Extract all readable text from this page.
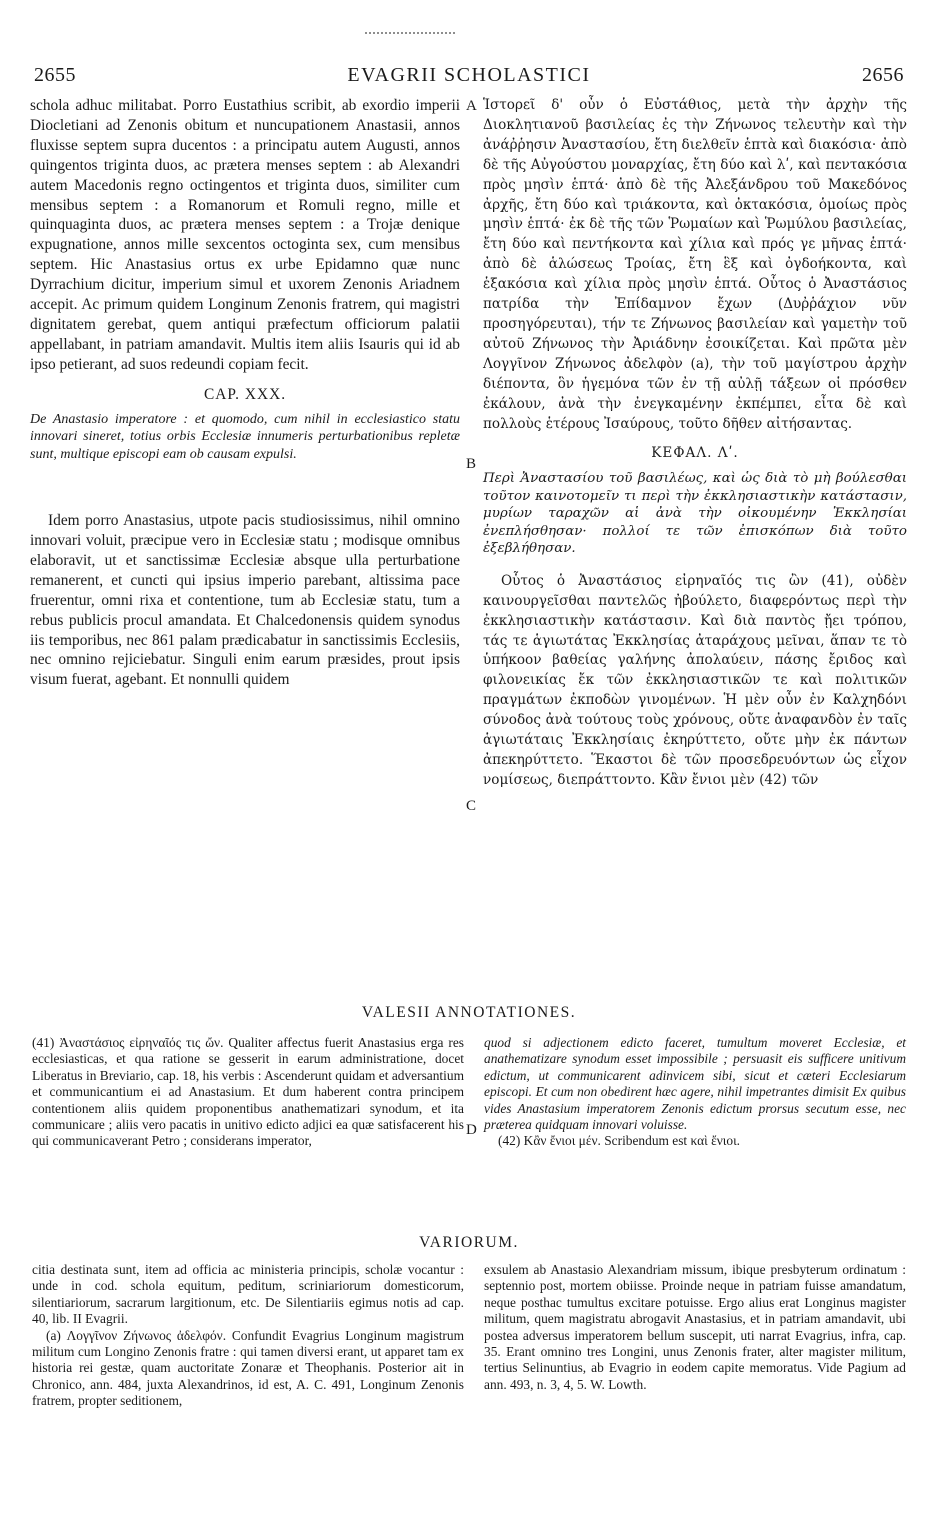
2655	EVAGRII SCHOLASTICI	2656

schola adhuc militabat. Porro Eustathius scribit, ab exordio imperii Diocletiani ad Zenonis obitum et nuncupationem Anastasii, annos fluxisse septem supra ducentos : a principatu autem Augusti, annos quingentos triginta duos, ac prætera menses septem : ab Alexandri autem Macedonis regno octingentos et triginta duos, similiter cum mensibus septem : a Romanorum et Romuli regno, mille et quinquaginta duos, ac prætera menses septem : a Trojæ denique expugnatione, annos mille sexcentos octoginta sex, cum mensibus septem. Hic Anastasius ortus ex urbe Epidamno quæ nunc Dyrrachium dicitur, imperium simul et uxorem Zenonis Ariadnem accepit. Ac primum quidem Longinum Zenonis fratrem, qui magistri dignitatem gerebat, quem antiqui præfectum officiorum palatii appellabant, in patriam amandavit. Multis item aliis Isauris qui id ab ipso petierant, ad suos redeundi copiam fecit.

CAP. XXX.

De Anastasio imperatore : et quomodo, cum nihil in ecclesiastico statu innovari sineret, totius orbis Ecclesiæ innumeris perturbationibus repletæ sunt, multique episcopi eam ob causam expulsi.

Idem porro Anastasius, utpote pacis studiosissimus, nihil omnino innovari voluit, præcipue vero in Ecclesiæ statu ; modisque omnibus elaboravit, ut et sanctissimæ Ecclesiæ absque ulla perturbatione remanerent, et cuncti qui ipsius imperio parebant, altissima pace fruerentur, omni rixa et contentione, tum ab Ecclesiæ statu, tum a rebus publicis procul amandata. Et Chalcedonensis quidem synodus iis temporibus, nec 861 palam prædicabatur in sanctissimis Ecclesiis, nec omnino rejiciebatur. Singuli enim earum præsides, prout ipsis visum fuerat, agebant. Et nonnulli quidem

A
B
C
D

Ἱστορεῖ δ' οὖν ὁ Εὐστάθιος, μετὰ τὴν ἀρχὴν τῆς Διοκλητιανοῦ βασιλείας ἐς τὴν Ζήνωνος τελευτὴν καὶ τὴν ἀνάῤῥησιν Ἀναστασίου, ἔτη διελθεῖν ἑπτὰ καὶ διακόσια· ἀπὸ δὲ τῆς Αὐγούστου μοναρχίας, ἔτη δύο καὶ λʹ, καὶ πεντακόσια πρὸς μησὶν ἑπτά· ἀπὸ δὲ τῆς Ἀλεξάνδρου τοῦ Μακεδόνος ἀρχῆς, ἔτη δύο καὶ τριάκοντα, καὶ ὀκτακόσια, ὁμοίως πρὸς μησὶν ἑπτά· ἐκ δὲ τῆς τῶν Ῥωμαίων καὶ Ῥωμύλου βασιλείας, ἔτη δύο καὶ πεντήκοντα καὶ χίλια καὶ πρός γε μῆνας ἑπτά· ἀπὸ δὲ ἁλώσεως Τροίας, ἔτη ἓξ καὶ ὀγδοήκοντα, καὶ ἑξακόσια καὶ χίλια πρὸς μησὶν ἑπτά. Οὗτος ὁ Ἀναστάσιος πατρίδα τὴν Ἐπίδαμνον ἔχων (Δυῤῥάχιον νῦν προσηγόρευται), τήν τε Ζήνωνος βασιλείαν καὶ γαμετὴν τοῦ αὐτοῦ Ζήνωνος τὴν Ἀριάδνην ἐσοικίζεται. Καὶ πρῶτα μὲν Λογγῖνον Ζήνωνος ἀδελφὸν (a), τὴν τοῦ μαγίστρου ἀρχὴν διέποντα, ὃν ἡγεμόνα τῶν ἐν τῇ αὐλῇ τάξεων οἱ πρόσθεν ἐκάλουν, ἀνὰ τὴν ἐνεγκαμένην ἐκπέμπει, εἶτα δὲ καὶ πολλοὺς ἑτέρους Ἰσαύρους, τοῦτο δῆθεν αἰτήσαντας.

ΚΕΦΑΛ. Λʹ.

Περὶ Ἀναστασίου τοῦ βασιλέως, καὶ ὡς διὰ τὸ μὴ βούλεσθαι τοῦτον καινοτομεῖν τι περὶ τὴν ἐκκλησιαστικὴν κατάστασιν, μυρίων ταραχῶν αἱ ἀνὰ τὴν οἰκουμένην Ἐκκλησίαι ἐνεπλήσθησαν· πολλοί τε τῶν ἐπισκόπων διὰ τοῦτο ἐξεβλήθησαν.

Οὗτος ὁ Ἀναστάσιος εἰρηναῖός τις ὢν (41), οὐδὲν καινουργεῖσθαι παντελῶς ἠβούλετο, διαφερόντως περὶ τὴν ἐκκλησιαστικὴν κατάστασιν. Καὶ διὰ παντὸς ᾔει τρόπου, τάς τε ἁγιωτάτας Ἐκκλησίας ἀταράχους μεῖναι, ἅπαν τε τὸ ὑπήκοον βαθείας γαλήνης ἀπολαύειν, πάσης ἔριδος καὶ φιλονεικίας ἔκ τῶν ἐκκλησιαστικῶν τε καὶ πολιτικῶν πραγμάτων ἐκποδὼν γινομένων. Ἡ μὲν οὖν ἐν Καλχηδόνι σύνοδος ἀνὰ τούτους τοὺς χρόνους, οὔτε ἀναφανδὸν ἐν ταῖς ἁγιωτάταις Ἐκκλησίαις ἐκηρύττετο, οὔτε μὴν ἐκ πάντων ἀπεκηρύττετο. Ἕκαστοι δὲ τῶν προσεδρευόντων ὡς εἶχον νομίσεως, διεπράττοντο. Κἂν ἔνιοι μὲν (42) τῶν

VALESII ANNOTATIONES.

(41) Ἀναστάσιος εἰρηναῖός τις ὤν. Qualiter affectus fuerit Anastasius erga res ecclesiasticas, et qua ratione se gesserit in earum administratione, docet Liberatus in Breviario, cap. 18, his verbis : Ascenderunt quidam et adversantium et communicantium ei ad Anastasium. Et dum haberent contra principem contentionem aliis quidem proponentibus anathematizari synodum, et ita communicare ; aliis vero pacatis in unitivo edicto adjici ea quæ satisfacerent his qui communicaverant Petro ; considerans imperator,

quod si adjectionem edicto faceret, tumultum moveret Ecclesiæ, et anathematizare synodum esset impossibile ; persuasit eis sufficere unitivum edictum, ut communicarent adinvicem sibi, sicut et cæteri Ecclesiarum episcopi. Et cum non obedirent hæc agere, nihil impetrantes dimisit Ex quibus vides Anastasium imperatorem Zenonis edictum prorsus secutum esse, nec præterea quidquam innovari voluisse.

(42) Κἂν ἔνιοι μέν. Scribendum est καὶ ἔνιοι.

VARIORUM.

citia destinata sunt, item ad officia ac ministeria principis, scholæ vocantur : unde in cod. schola equitum, peditum, scriniariorum domesticorum, silentiariorum, sacrarum largitionum, etc. De Silentiariis egimus notis ad cap. 40, lib. II Evagrii.

(a) Λογγῖνον Ζήνωνος ἀδελφόν. Confundit Evagrius Longinum magistrum militum cum Longino Zenonis fratre : qui tamen diversi erant, ut apparet tam ex historia rei gestæ, quam auctoritate Zonaræ et Theophanis. Posterior ait in Chronico, ann. 484, juxta Alexandrinos, id est, A. C. 491, Longinum Zenonis fratrem, propter seditionem,

exsulem ab Anastasio Alexandriam missum, ibique presbyterum ordinatum : septennio post, mortem obiisse. Proinde neque in patriam fuisse amandatum, neque posthac tumultus excitare potuisse. Ergo alius erat Longinus magister militum, quem magistratu abrogavit Anastasius, et in patriam amandavit, ubi postea adversus imperatorem bellum suscepit, uti narrat Evagrius, infra, cap. 35. Erant omnino tres Longini, unus Zenonis frater, alter magister militum, tertius Selinuntius, ab Evagrio in eodem capite memoratus. Vide Pagium ad ann. 493, n. 3, 4, 5. W. Lowth.
